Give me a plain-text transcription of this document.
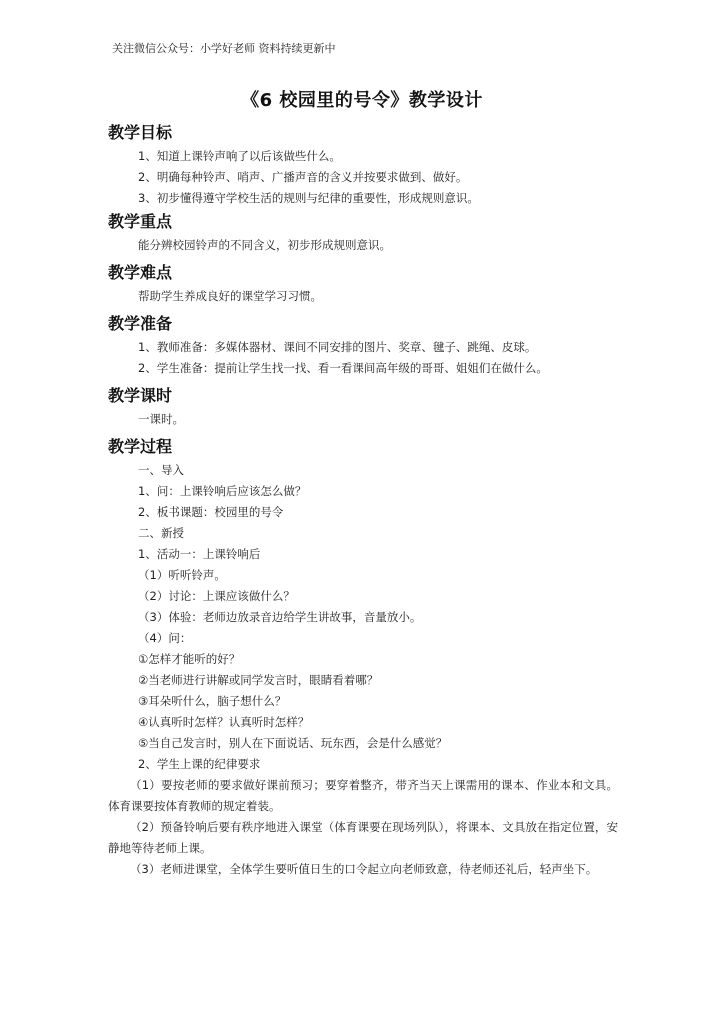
关注微信公众号：小学好老师 资料持续更新中
《6 校园里的号令》教学设计
教学目标
1、知道上课铃声响了以后该做些什么。
2、明确每种铃声、哨声、广播声音的含义并按要求做到、做好。
3、初步懂得遵守学校生活的规则与纪律的重要性，形成规则意识。
教学重点
能分辨校园铃声的不同含义，初步形成规则意识。
教学难点
帮助学生养成良好的课堂学习习惯。
教学准备
1、教师准备：多媒体器材、课间不同安排的图片、奖章、毽子、跳绳、皮球。
2、学生准备：提前让学生找一找、看一看课间高年级的哥哥、姐姐们在做什么。
教学课时
一课时。
教学过程
一、导入
1、问：上课铃响后应该怎么做？
2、板书课题：校园里的号令
二、新授
1、活动一：上课铃响后
（1）听听铃声。
（2）讨论：上课应该做什么？
（3）体验：老师边放录音边给学生讲故事，音量放小。
（4）问：
①怎样才能听的好？
②当老师进行讲解或同学发言时，眼睛看着哪？
③耳朵听什么，脑子想什么？
④认真听时怎样？认真听时怎样？
⑤当自己发言时，别人在下面说话、玩东西，会是什么感觉？
2、学生上课的纪律要求

（1）要按老师的要求做好课前预习；要穿着整齐，带齐当天上课需用的课本、作业本和文具。体育课要按体育教师的规定着装。

（2）预备铃响后要有秩序地进入课堂（体育课要在现场列队），将课本、文具放在指定位置，安静地等待老师上课。

（3）老师进课堂，全体学生要听值日生的口令起立向老师致意，待老师还礼后，轻声坐下。
